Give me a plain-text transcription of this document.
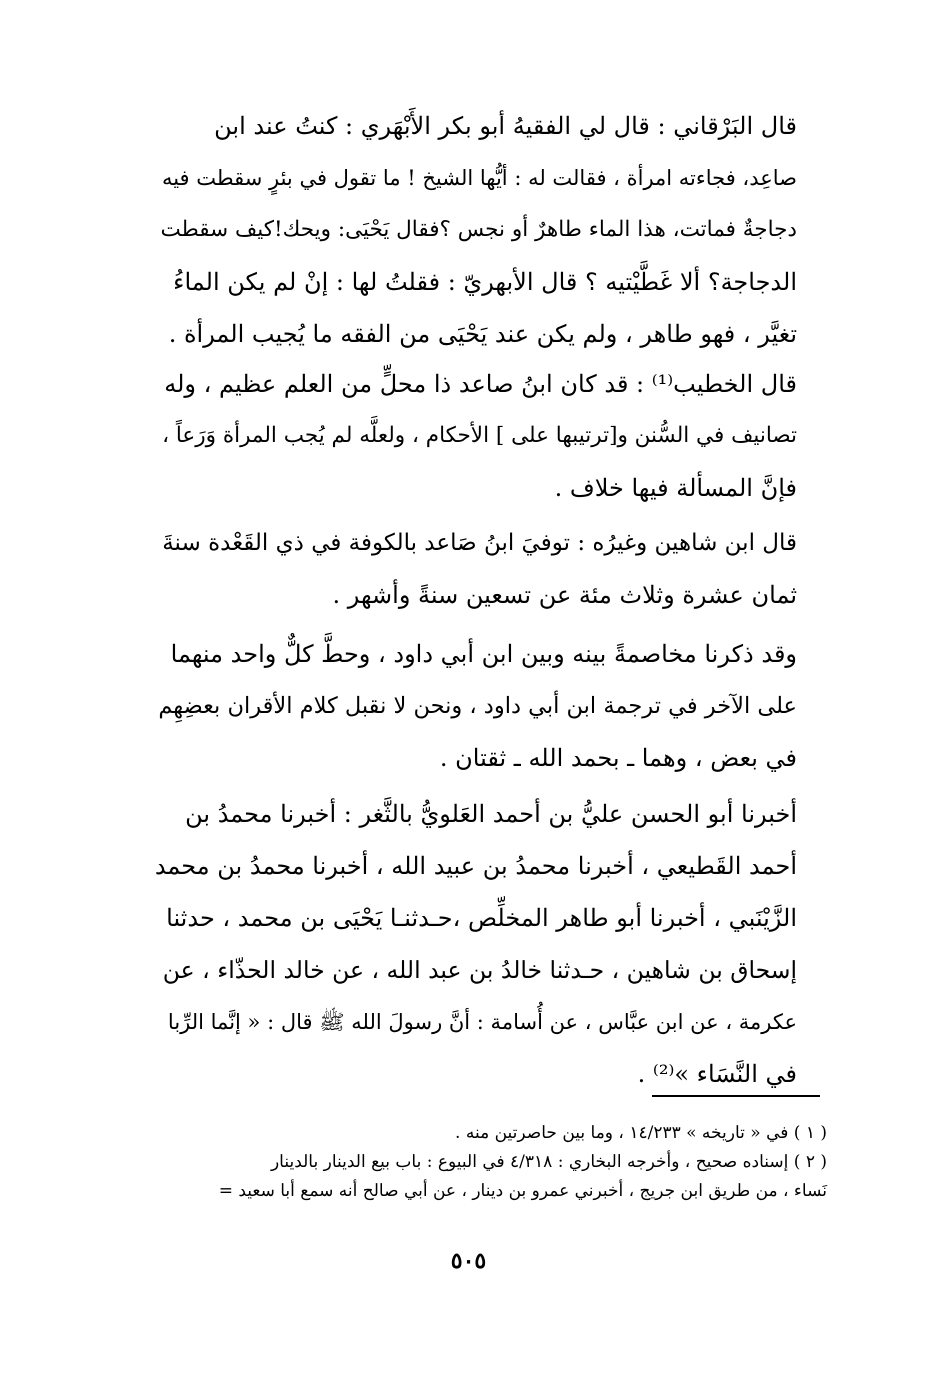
قال البَرْقاني : قال لي الفقيهُ أبو بكر الأَبْهَري : كنتُ عند ابن
صاعِد، فجاءته امرأة ، فقالت له : أيُّها الشيخ ! ما تقول في بئرٍ سقطت فيه
دجاجةٌ فماتت، هذا الماء طاهرٌ أو نجس ؟فقال يَحْيَى: ويحك!كيف سقطت
الدجاجة؟ ألا غَطَّيْتيه ؟ قال الأبهريّ : فقلتُ لها : إنْ لم يكن الماءُ
تغيَّر ، فهو طاهر ، ولم يكن عند يَحْيَى من الفقه ما يُجيب المرأة .

قال الخطيب⁽¹⁾ : قد كان ابنُ صاعد ذا محلٍّ من العلم عظيم ، وله
تصانيف في السُّنن و[ترتيبها على ] الأحكام ، ولعلَّه لم يُجب المرأة وَرَعاً ،
فإنَّ المسألة فيها خلاف .

قال ابن شاهين وغيرُه : توفيَ ابنُ صَاعد بالكوفة في ذي القَعْدة سنةَ
ثمان عشرة وثلاث مئة عن تسعين سنةً وأشهر .

وقد ذكرنا مخاصمةً بينه وبين ابن أبي داود ، وحطَّ كلٌّ واحد منهما
على الآخر في ترجمة ابن أبي داود ، ونحن لا نقبل كلام الأقران بعضِهِم
في بعض ، وهما ـ بحمد الله ـ ثقتان .

أخبرنا أبو الحسن عليُّ بن أحمد العَلويُّ بالثَّغر : أخبرنا محمدُ بن
أحمد القَطيعي ، أخبرنا محمدُ بن عبيد الله ، أخبرنا محمدُ بن محمد
الزَّيْنَبي ، أخبرنا أبو طاهر المخلِّص ،حـدثنـا يَحْيَى بن محمد ، حدثنا
إسحاق بن شاهين ، حـدثنا خالدُ بن عبد الله ، عن خالد الحذّاء ، عن
عكرمة ، عن ابن عبَّاس ، عن أُسامة : أنَّ رسولَ الله ﷺ قال : « إنَّما الرِّبا
في النَّسَاء »⁽²⁾ .

( ١ ) في « تاريخه » ١٤/٢٣٣ ، وما بين حاصرتين منه .
( ٢ ) إسناده صحيح ، وأخرجه البخاري : ٤/٣١٨ في البيوع : باب بيع الدينار بالدينار
نَساء ، من طريق ابن جريج ، أخبرني عمرو بن دينار ، عن أبي صالح أنه سمع أبا سعيد =
٥٠٥
